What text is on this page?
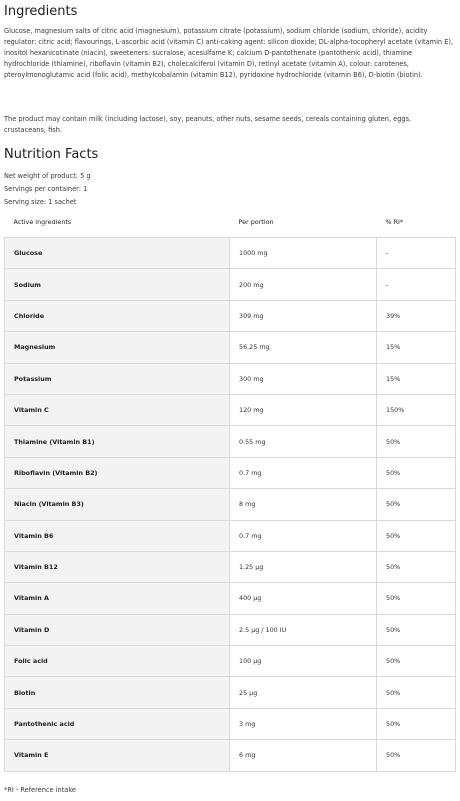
Ingredients
Glucose, magnesium salts of citric acid (magnesium), potassium citrate (potassium), sodium chloride (sodium, chloride), acidity regulator: citric acid; flavourings, L-ascorbic acid (vitamin C) anti-caking agent: silicon dioxide; DL-alpha-tocopheryl acetate (vitamin E), inositol hexanicotinate (niacin), sweeteners: sucralose, acesulfame K; calcium D-pantothenate (pantothenic acid), thiamine hydrochloride (thiamine), riboflavin (vitamin B2), cholecalciferol (vitamin D), retinyl acetate (vitamin A), colour: carotenes, pteroylmonoglutamic acid (folic acid), methylcobalamin (vitamin B12), pyridoxine hydrochloride (vitamin B6), D-biotin (biotin).
The product may contain milk (including lactose), soy, peanuts, other nuts, sesame seeds, cereals containing gluten, eggs, crustaceans, fish.
Nutrition Facts
Net weight of product: 5 g
Servings per container: 1
Serving size: 1 sachet
Active ingredients	Per portion	% RI*
Glucose	1000 mg	-
Sodium	200 mg	-
Chloride	309 mg	39%
Magnesium	56.25 mg	15%
Potassium	300 mg	15%
Vitamin C	120 mg	150%
Thiamine (Vitamin B1)	0.55 mg	50%
Riboflavin (Vitamin B2)	0.7 mg	50%
Niacin (Vitamin B3)	8 mg	50%
Vitamin B6	0.7 mg	50%
Vitamin B12	1.25 µg	50%
Vitamin A	400 µg	50%
Vitamin D	2.5 µg / 100 IU	50%
Folic acid	100 µg	50%
Biotin	25 µg	50%
Pantothenic acid	3 mg	50%
Vitamin E	6 mg	50%
*RI - Reference intake
